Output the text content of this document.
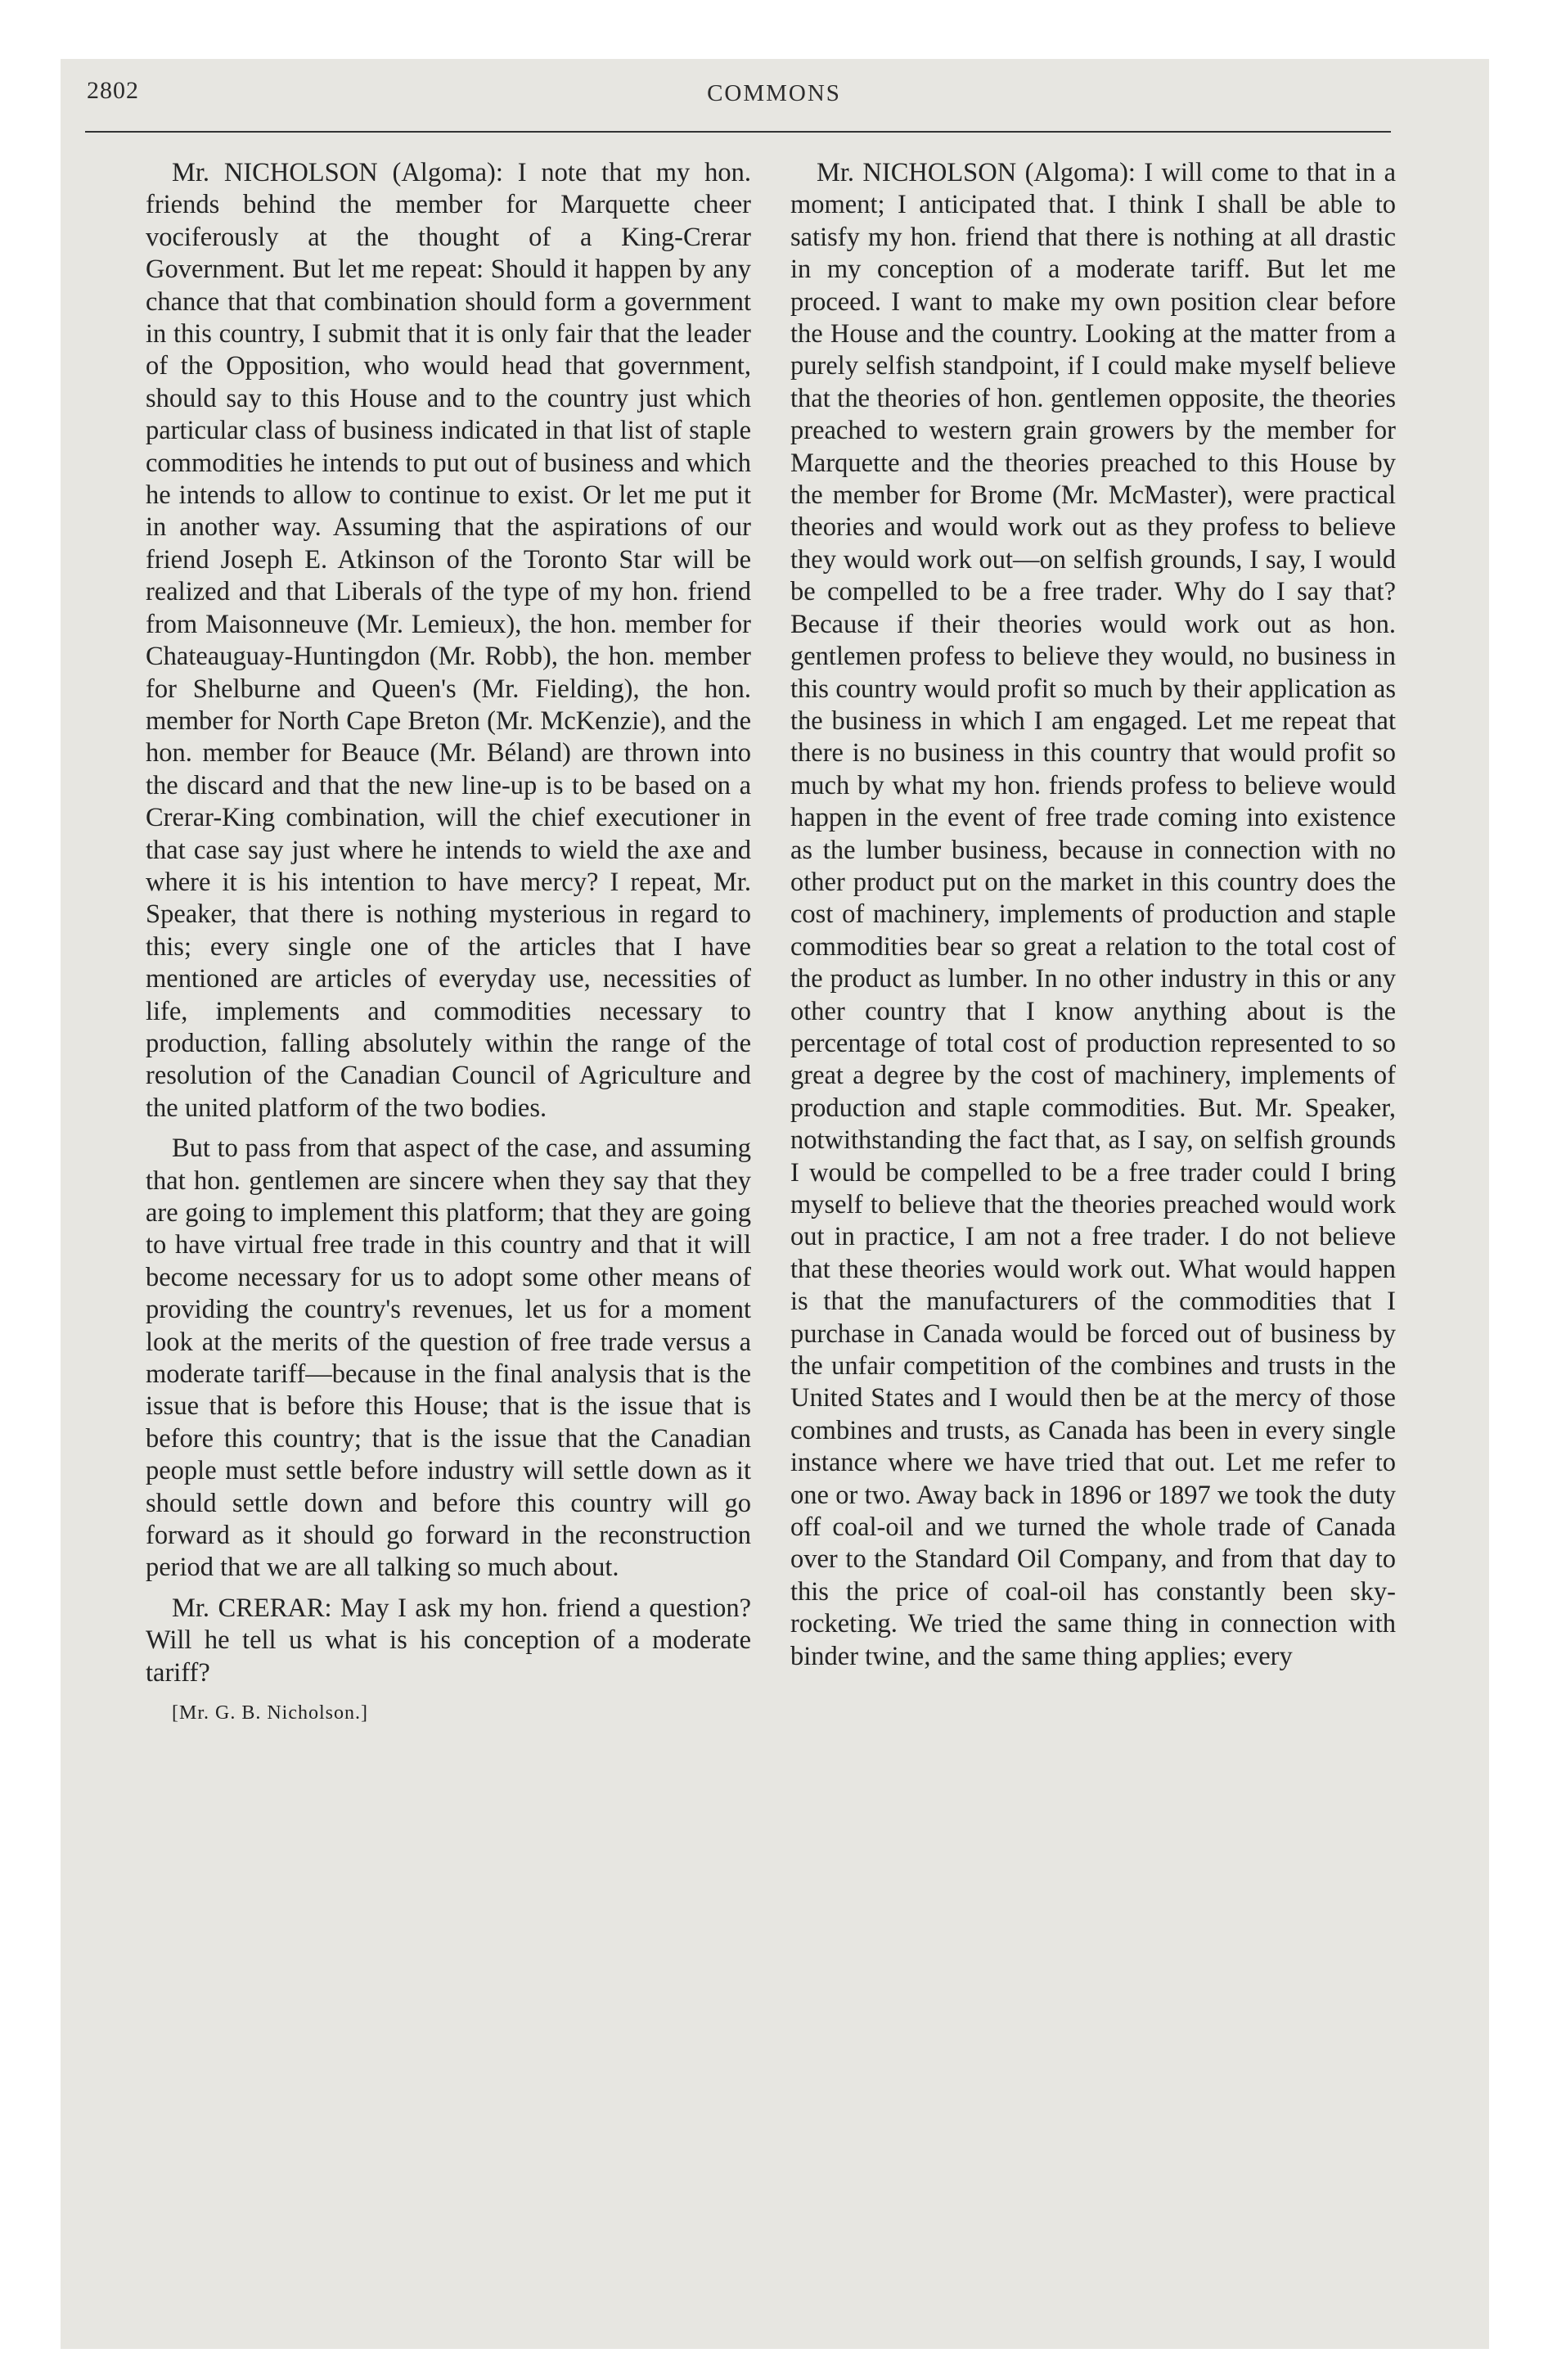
2802	COMMONS

Mr. NICHOLSON (Algoma): I note that my hon. friends behind the member for Marquette cheer vociferously at the thought of a King-Crerar Government. But let me repeat: Should it happen by any chance that that combination should form a government in this country, I submit that it is only fair that the leader of the Opposition, who would head that government, should say to this House and to the country just which particular class of business indicated in that list of staple commodities he intends to put out of business and which he intends to allow to continue to exist. Or let me put it in another way. Assuming that the aspirations of our friend Joseph E. Atkinson of the Toronto Star will be realized and that Liberals of the type of my hon. friend from Maisonneuve (Mr. Lemieux), the hon. member for Chateauguay-Huntingdon (Mr. Robb), the hon. member for Shelburne and Queen's (Mr. Fielding), the hon. member for North Cape Breton (Mr. McKenzie), and the hon. member for Beauce (Mr. Béland) are thrown into the discard and that the new line-up is to be based on a Crerar-King combination, will the chief executioner in that case say just where he intends to wield the axe and where it is his intention to have mercy? I repeat, Mr. Speaker, that there is nothing mysterious in regard to this; every single one of the articles that I have mentioned are articles of everyday use, necessities of life, implements and commodities necessary to production, falling absolutely within the range of the resolution of the Canadian Council of Agriculture and the united platform of the two bodies.

But to pass from that aspect of the case, and assuming that hon. gentlemen are sincere when they say that they are going to implement this platform; that they are going to have virtual free trade in this country and that it will become necessary for us to adopt some other means of providing the country's revenues, let us for a moment look at the merits of the question of free trade versus a moderate tariff—because in the final analysis that is the issue that is before this House; that is the issue that is before this country; that is the issue that the Canadian people must settle before industry will settle down as it should settle down and before this country will go forward as it should go forward in the reconstruction period that we are all talking so much about.

Mr. CRERAR: May I ask my hon. friend a question? Will he tell us what is his conception of a moderate tariff?

[Mr. G. B. Nicholson.]

Mr. NICHOLSON (Algoma): I will come to that in a moment; I anticipated that. I think I shall be able to satisfy my hon. friend that there is nothing at all drastic in my conception of a moderate tariff. But let me proceed. I want to make my own position clear before the House and the country. Looking at the matter from a purely selfish standpoint, if I could make myself believe that the theories of hon. gentlemen opposite, the theories preached to western grain growers by the member for Marquette and the theories preached to this House by the member for Brome (Mr. McMaster), were practical theories and would work out as they profess to believe they would work out—on selfish grounds, I say, I would be compelled to be a free trader. Why do I say that? Because if their theories would work out as hon. gentlemen profess to believe they would, no business in this country would profit so much by their application as the business in which I am engaged. Let me repeat that there is no business in this country that would profit so much by what my hon. friends profess to believe would happen in the event of free trade coming into existence as the lumber business, because in connection with no other product put on the market in this country does the cost of machinery, implements of production and staple commodities bear so great a relation to the total cost of the product as lumber. In no other industry in this or any other country that I know anything about is the percentage of total cost of production represented to so great a degree by the cost of machinery, implements of production and staple commodities. But. Mr. Speaker, notwithstanding the fact that, as I say, on selfish grounds I would be compelled to be a free trader could I bring myself to believe that the theories preached would work out in practice, I am not a free trader. I do not believe that these theories would work out. What would happen is that the manufacturers of the commodities that I purchase in Canada would be forced out of business by the unfair competition of the combines and trusts in the United States and I would then be at the mercy of those combines and trusts, as Canada has been in every single instance where we have tried that out. Let me refer to one or two. Away back in 1896 or 1897 we took the duty off coal-oil and we turned the whole trade of Canada over to the Standard Oil Company, and from that day to this the price of coal-oil has constantly been sky-rocketing. We tried the same thing in connection with binder twine, and the same thing applies; every
